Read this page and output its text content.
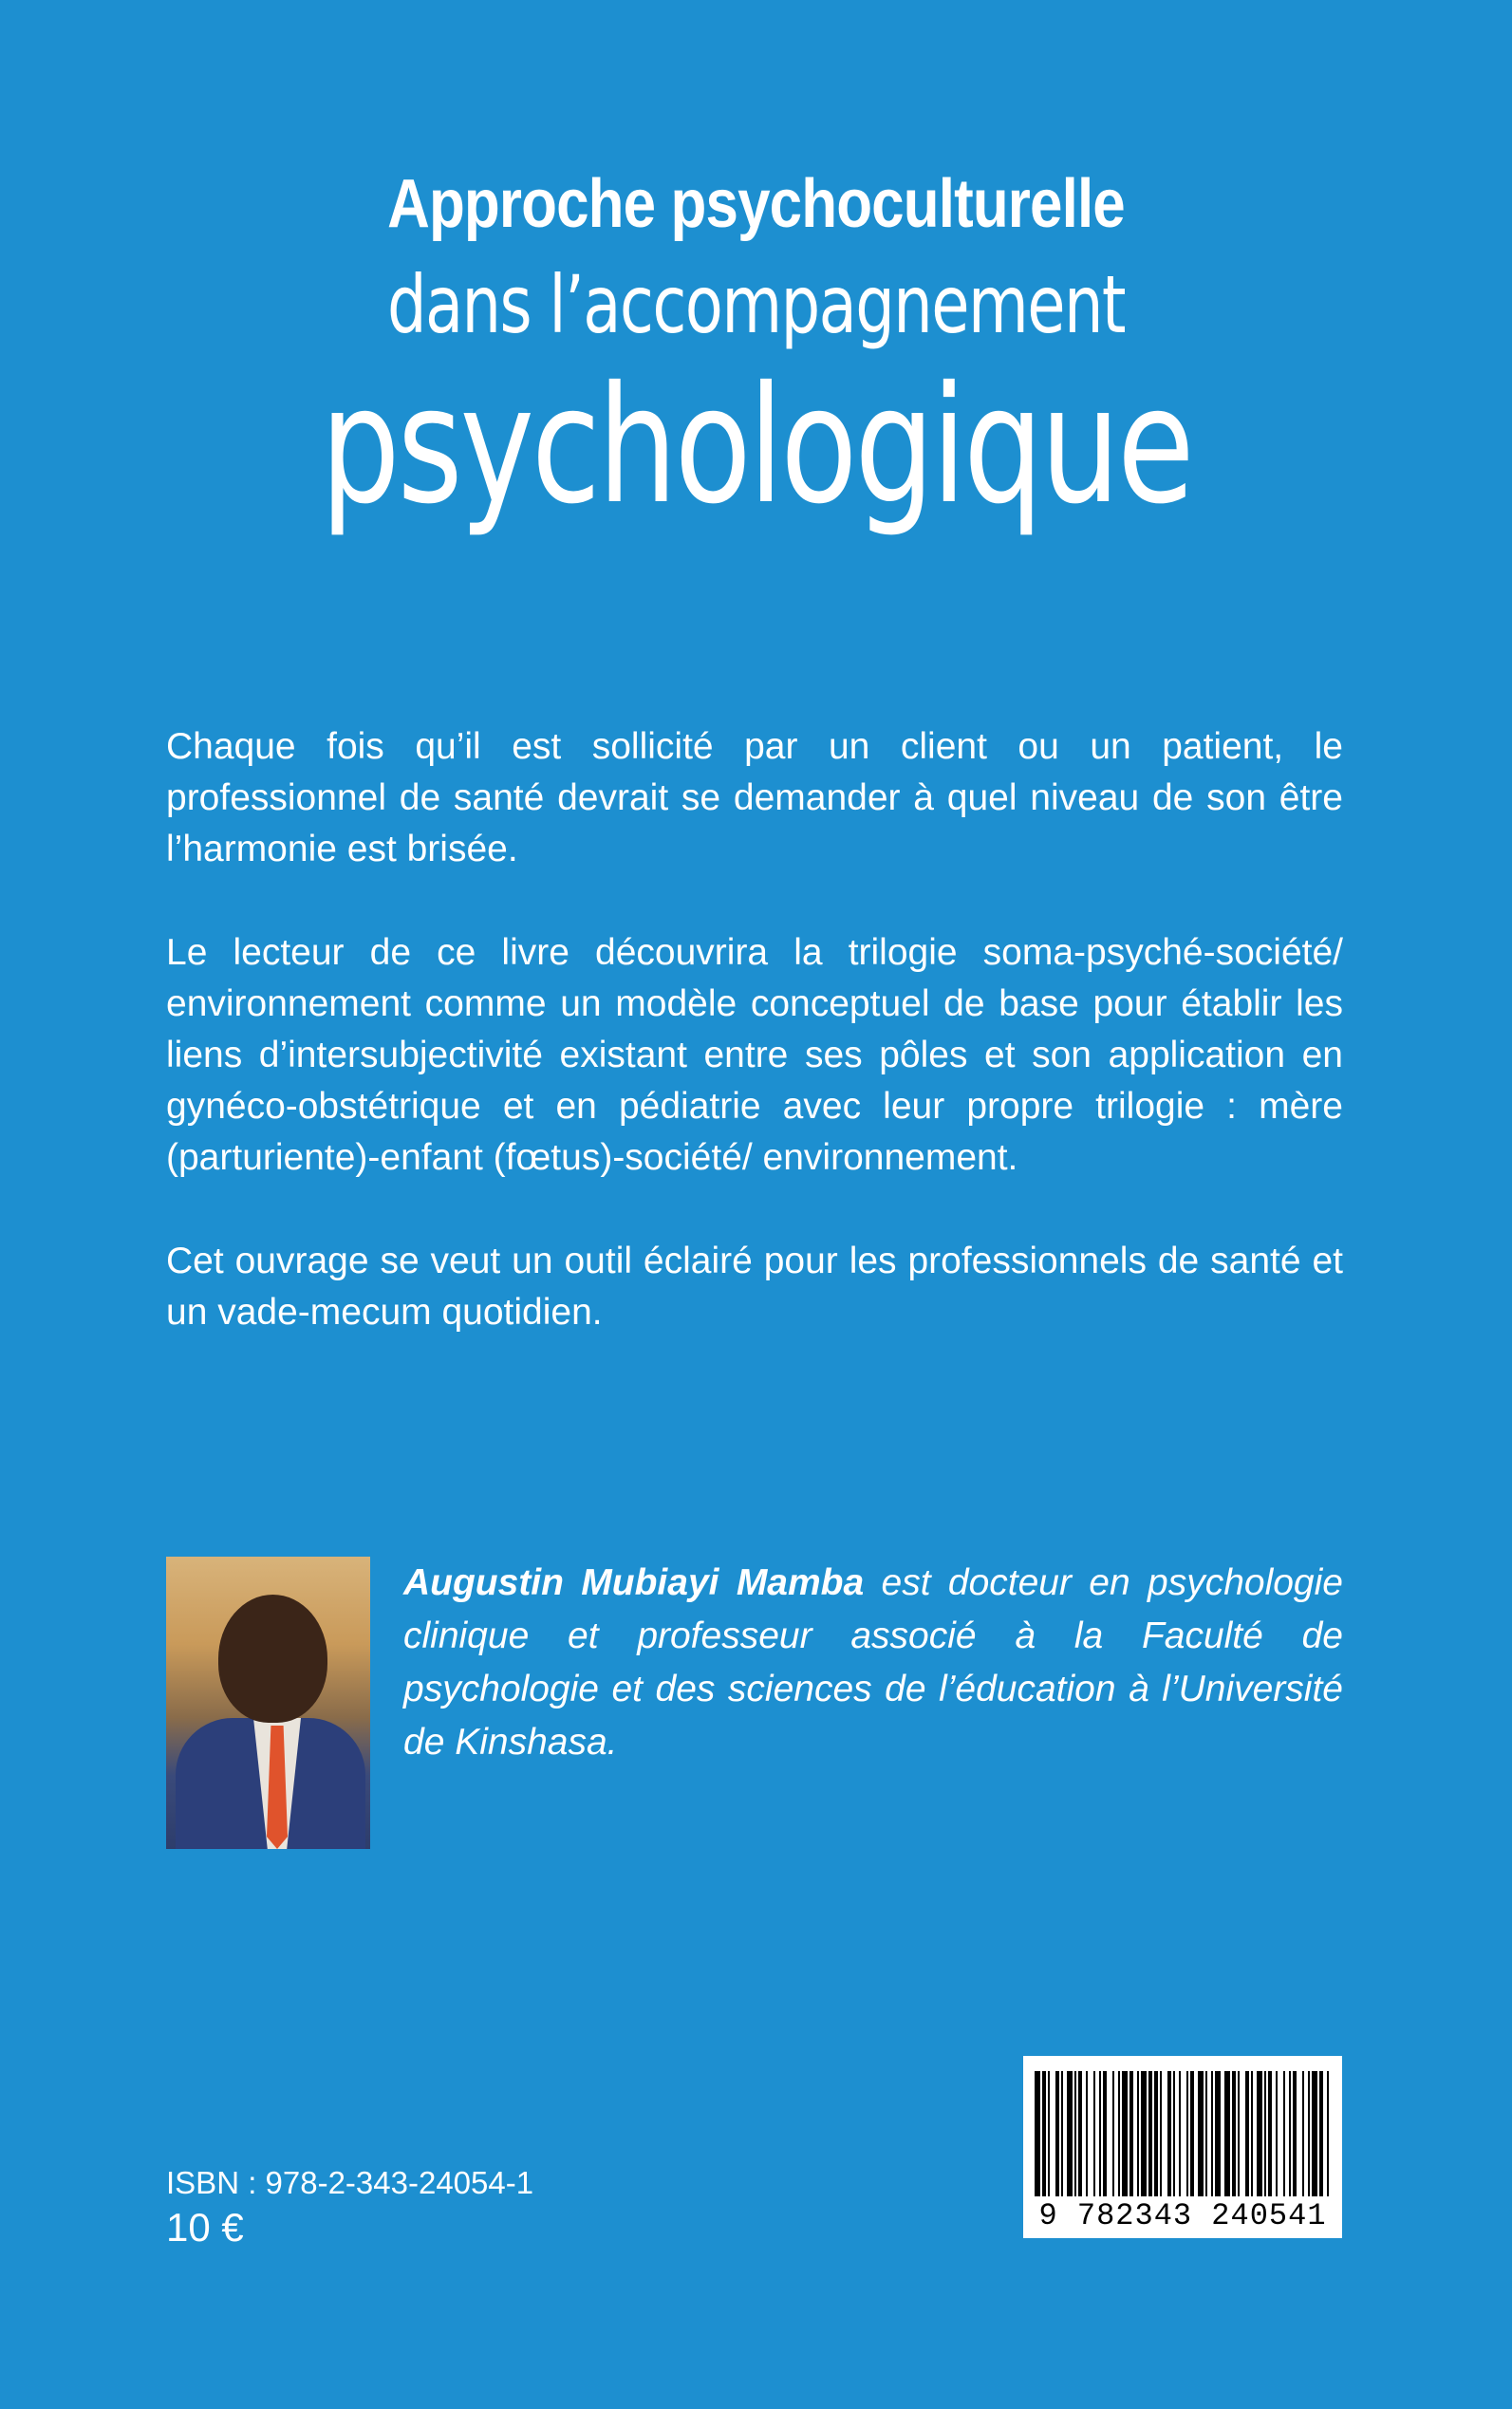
Approche psychoculturelle
dans l’accompagnement
psychologique

Chaque fois qu’il est sollicité par un client ou un patient, le professionnel de santé devrait se demander à quel niveau de son être l’harmonie est brisée.

Le lecteur de ce livre découvrira la trilogie soma-psyché-société/ environnement comme un modèle conceptuel de base pour établir les liens d’intersubjectivité existant entre ses pôles et son application en gynéco-obstétrique et en pédiatrie avec leur propre trilogie : mère (parturiente)-enfant (fœtus)-société/ environnement.

Cet ouvrage se veut un outil éclairé pour les professionnels de santé et un vade-mecum quotidien.

Augustin Mubiayi Mamba est docteur en psychologie clinique et professeur associé à la Faculté de psychologie et des sciences de l’éducation à l’Université de Kinshasa.
ISBN : 978-2-343-24054-1
10 €	9 782343 240541
